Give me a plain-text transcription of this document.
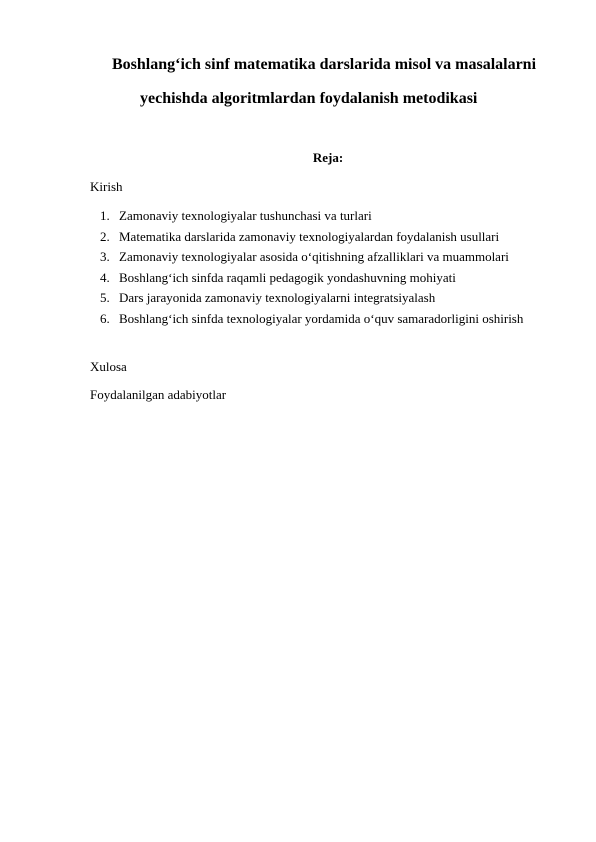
Boshlang‘ich sinf matematika darslarida misol va masalalarni
yechishda algoritmlardan foydalanish metodikasi
Reja:
Kirish
1. Zamonaviy texnologiyalar tushunchasi va turlari
2. Matematika darslarida zamonaviy texnologiyalardan foydalanish usullari
3. Zamonaviy texnologiyalar asosida o‘qitishning afzalliklari va muammolari
4. Boshlang‘ich sinfda raqamli pedagogik yondashuvning mohiyati
5. Dars jarayonida zamonaviy texnologiyalarni integratsiyalash
6. Boshlang‘ich sinfda texnologiyalar yordamida o‘quv samaradorligini oshirish
Xulosa
Foydalanilgan adabiyotlar
